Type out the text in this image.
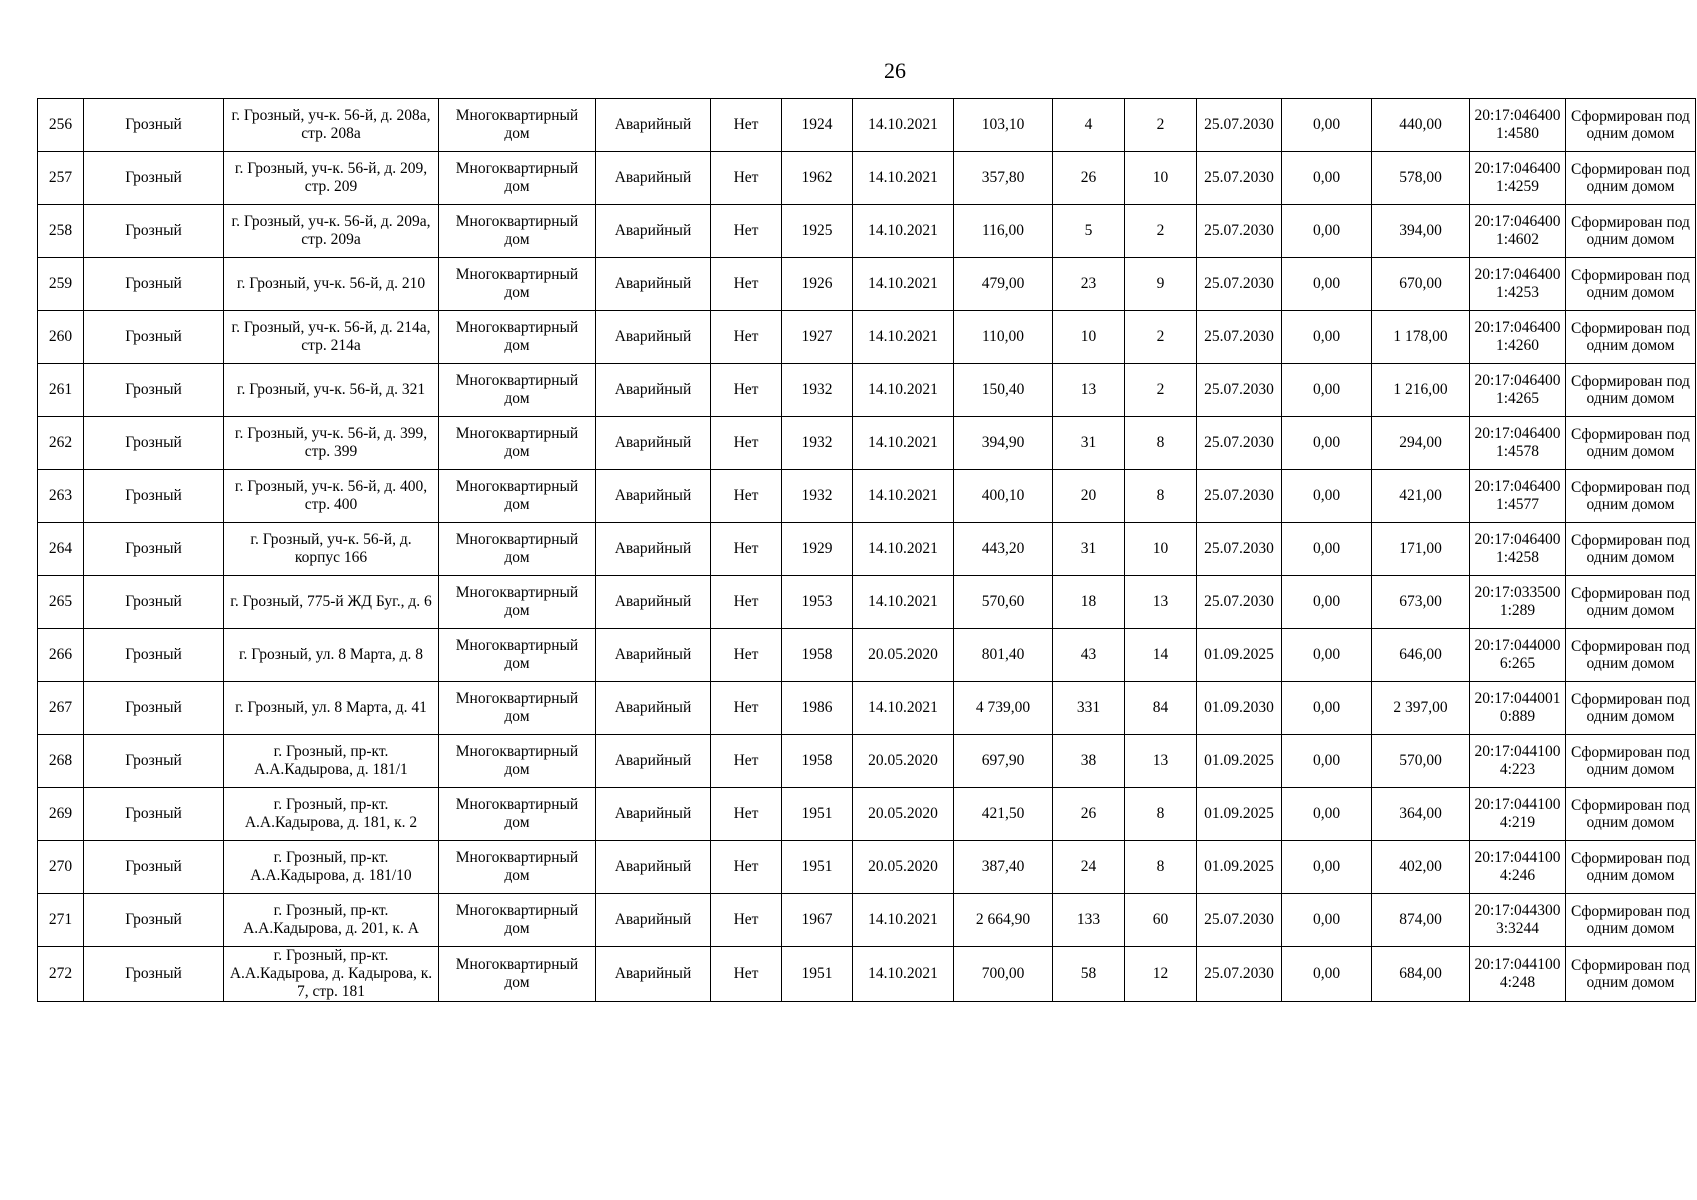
26
256	Грозный	г. Грозный, уч-к. 56-й, д. 208а, стр. 208а	Многоквартирный дом	Аварийный	Нет	1924	14.10.2021	103,10	4	2	25.07.2030	0,00	440,00	20:17:0464001:4580	Сформирован под одним домом
257	Грозный	г. Грозный, уч-к. 56-й, д. 209, стр. 209	Многоквартирный дом	Аварийный	Нет	1962	14.10.2021	357,80	26	10	25.07.2030	0,00	578,00	20:17:0464001:4259	Сформирован под одним домом
258	Грозный	г. Грозный, уч-к. 56-й, д. 209а, стр. 209а	Многоквартирный дом	Аварийный	Нет	1925	14.10.2021	116,00	5	2	25.07.2030	0,00	394,00	20:17:0464001:4602	Сформирован под одним домом
259	Грозный	г. Грозный, уч-к. 56-й, д. 210	Многоквартирный дом	Аварийный	Нет	1926	14.10.2021	479,00	23	9	25.07.2030	0,00	670,00	20:17:0464001:4253	Сформирован под одним домом
260	Грозный	г. Грозный, уч-к. 56-й, д. 214а, стр. 214а	Многоквартирный дом	Аварийный	Нет	1927	14.10.2021	110,00	10	2	25.07.2030	0,00	1 178,00	20:17:0464001:4260	Сформирован под одним домом
261	Грозный	г. Грозный, уч-к. 56-й, д. 321	Многоквартирный дом	Аварийный	Нет	1932	14.10.2021	150,40	13	2	25.07.2030	0,00	1 216,00	20:17:0464001:4265	Сформирован под одним домом
262	Грозный	г. Грозный, уч-к. 56-й, д. 399, стр. 399	Многоквартирный дом	Аварийный	Нет	1932	14.10.2021	394,90	31	8	25.07.2030	0,00	294,00	20:17:0464001:4578	Сформирован под одним домом
263	Грозный	г. Грозный, уч-к. 56-й, д. 400, стр. 400	Многоквартирный дом	Аварийный	Нет	1932	14.10.2021	400,10	20	8	25.07.2030	0,00	421,00	20:17:0464001:4577	Сформирован под одним домом
264	Грозный	г. Грозный, уч-к. 56-й, д. корпус 166	Многоквартирный дом	Аварийный	Нет	1929	14.10.2021	443,20	31	10	25.07.2030	0,00	171,00	20:17:0464001:4258	Сформирован под одним домом
265	Грозный	г. Грозный, 775-й ЖД Буг., д. 6	Многоквартирный дом	Аварийный	Нет	1953	14.10.2021	570,60	18	13	25.07.2030	0,00	673,00	20:17:0335001:289	Сформирован под одним домом
266	Грозный	г. Грозный, ул. 8 Марта, д. 8	Многоквартирный дом	Аварийный	Нет	1958	20.05.2020	801,40	43	14	01.09.2025	0,00	646,00	20:17:0440006:265	Сформирован под одним домом
267	Грозный	г. Грозный, ул. 8 Марта, д. 41	Многоквартирный дом	Аварийный	Нет	1986	14.10.2021	4 739,00	331	84	01.09.2030	0,00	2 397,00	20:17:0440010:889	Сформирован под одним домом
268	Грозный	г. Грозный, пр-кт. А.А.Кадырова, д. 181/1	Многоквартирный дом	Аварийный	Нет	1958	20.05.2020	697,90	38	13	01.09.2025	0,00	570,00	20:17:0441004:223	Сформирован под одним домом
269	Грозный	г. Грозный, пр-кт. А.А.Кадырова, д. 181, к. 2	Многоквартирный дом	Аварийный	Нет	1951	20.05.2020	421,50	26	8	01.09.2025	0,00	364,00	20:17:0441004:219	Сформирован под одним домом
270	Грозный	г. Грозный, пр-кт. А.А.Кадырова, д. 181/10	Многоквартирный дом	Аварийный	Нет	1951	20.05.2020	387,40	24	8	01.09.2025	0,00	402,00	20:17:0441004:246	Сформирован под одним домом
271	Грозный	г. Грозный, пр-кт. А.А.Кадырова, д. 201, к. А	Многоквартирный дом	Аварийный	Нет	1967	14.10.2021	2 664,90	133	60	25.07.2030	0,00	874,00	20:17:0443003:3244	Сформирован под одним домом
272	Грозный	г. Грозный, пр-кт. А.А.Кадырова, д. Кадырова, к. 7, стр. 181	Многоквартирный дом	Аварийный	Нет	1951	14.10.2021	700,00	58	12	25.07.2030	0,00	684,00	20:17:0441004:248	Сформирован под одним домом
